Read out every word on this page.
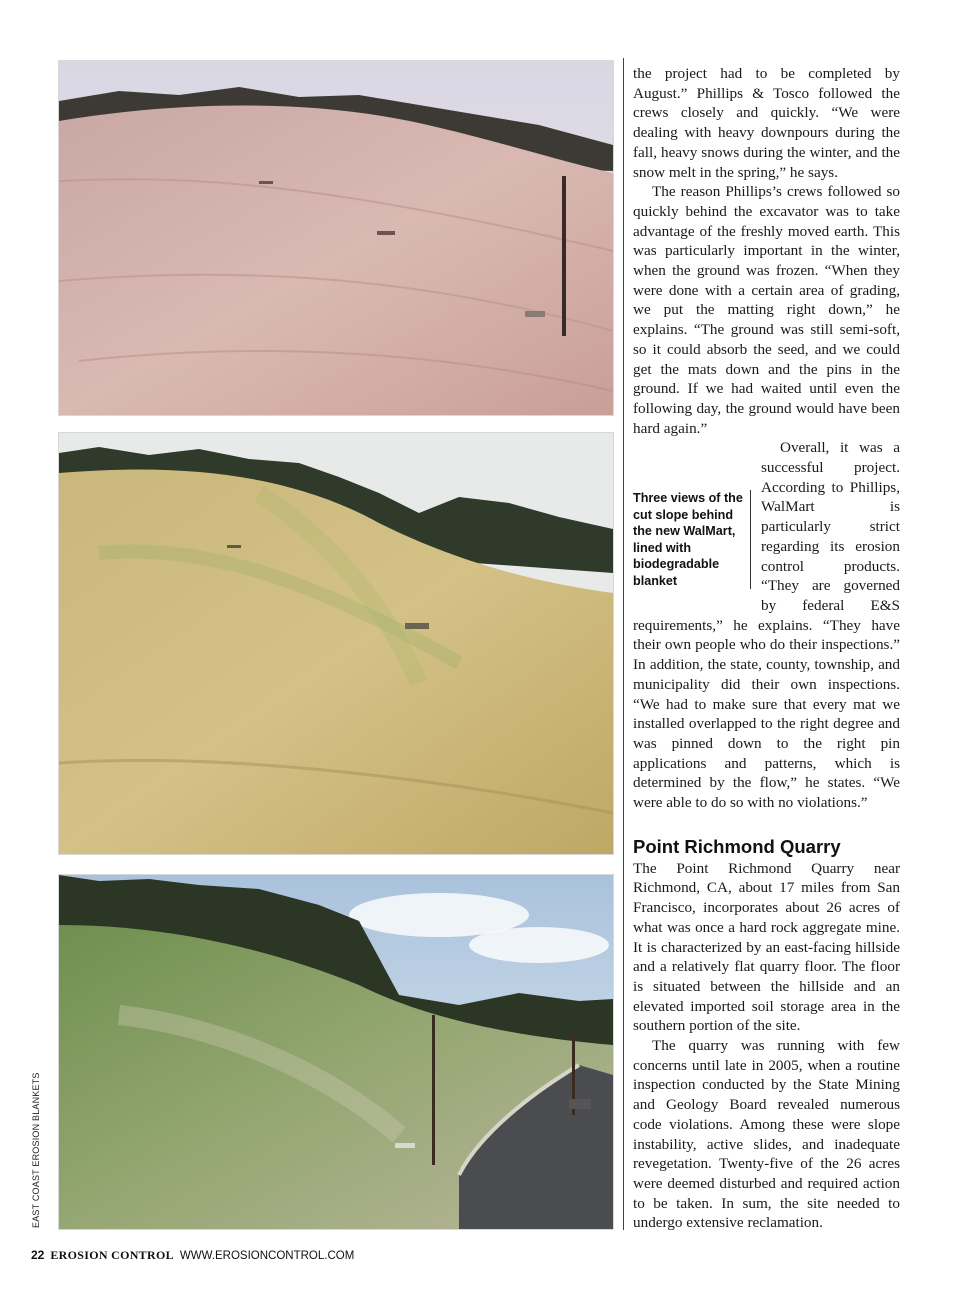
EAST COAST EROSION BLANKETS

the project had to be completed by August.” Phillips & Tosco followed the crews closely and quickly. “We were dealing with heavy downpours during the fall, heavy snows during the winter, and the snow melt in the spring,” he says.

The reason Phillips’s crews followed so quickly behind the excavator was to take advantage of the freshly moved earth. This was particularly important in the winter, when the ground was frozen. “When they were done with a certain area of grading, we put the matting right down,” he explains. “The ground was still semi-soft, so it could absorb the seed, and we could get the mats down and the pins in the ground. If we had waited until even the following day, the ground would have been hard again.”

Three views of the cut slope behind the new WalMart, lined with biodegradable blanket

Overall, it was a successful project. According to Phillips, WalMart is particularly strict regarding its erosion control products. “They are governed by federal E&S requirements,” he explains. “They have their own people who do their inspections.” In addition, the state, county, township, and municipality did their own inspections. “We had to make sure that every mat we installed overlapped to the right degree and was pinned down to the right pin applications and patterns, which is determined by the flow,” he states. “We were able to do so with no violations.”

Point Richmond Quarry

The Point Richmond Quarry near Richmond, CA, about 17 miles from San Francisco, incorporates about 26 acres of what was once a hard rock aggregate mine. It is characterized by an east-facing hillside and a relatively flat quarry floor. The floor is situated between the hillside and an elevated imported soil storage area in the southern portion of the site.

The quarry was running with few concerns until late in 2005, when a routine inspection conducted by the State Mining and Geology Board revealed numerous code violations. Among these were slope instability, active slides, and inadequate revegetation. Twenty-five of the 26 acres were deemed disturbed and required action to be taken. In sum, the site needed to undergo extensive reclamation.

22 EROSION CONTROL WWW.EROSIONCONTROL.COM
